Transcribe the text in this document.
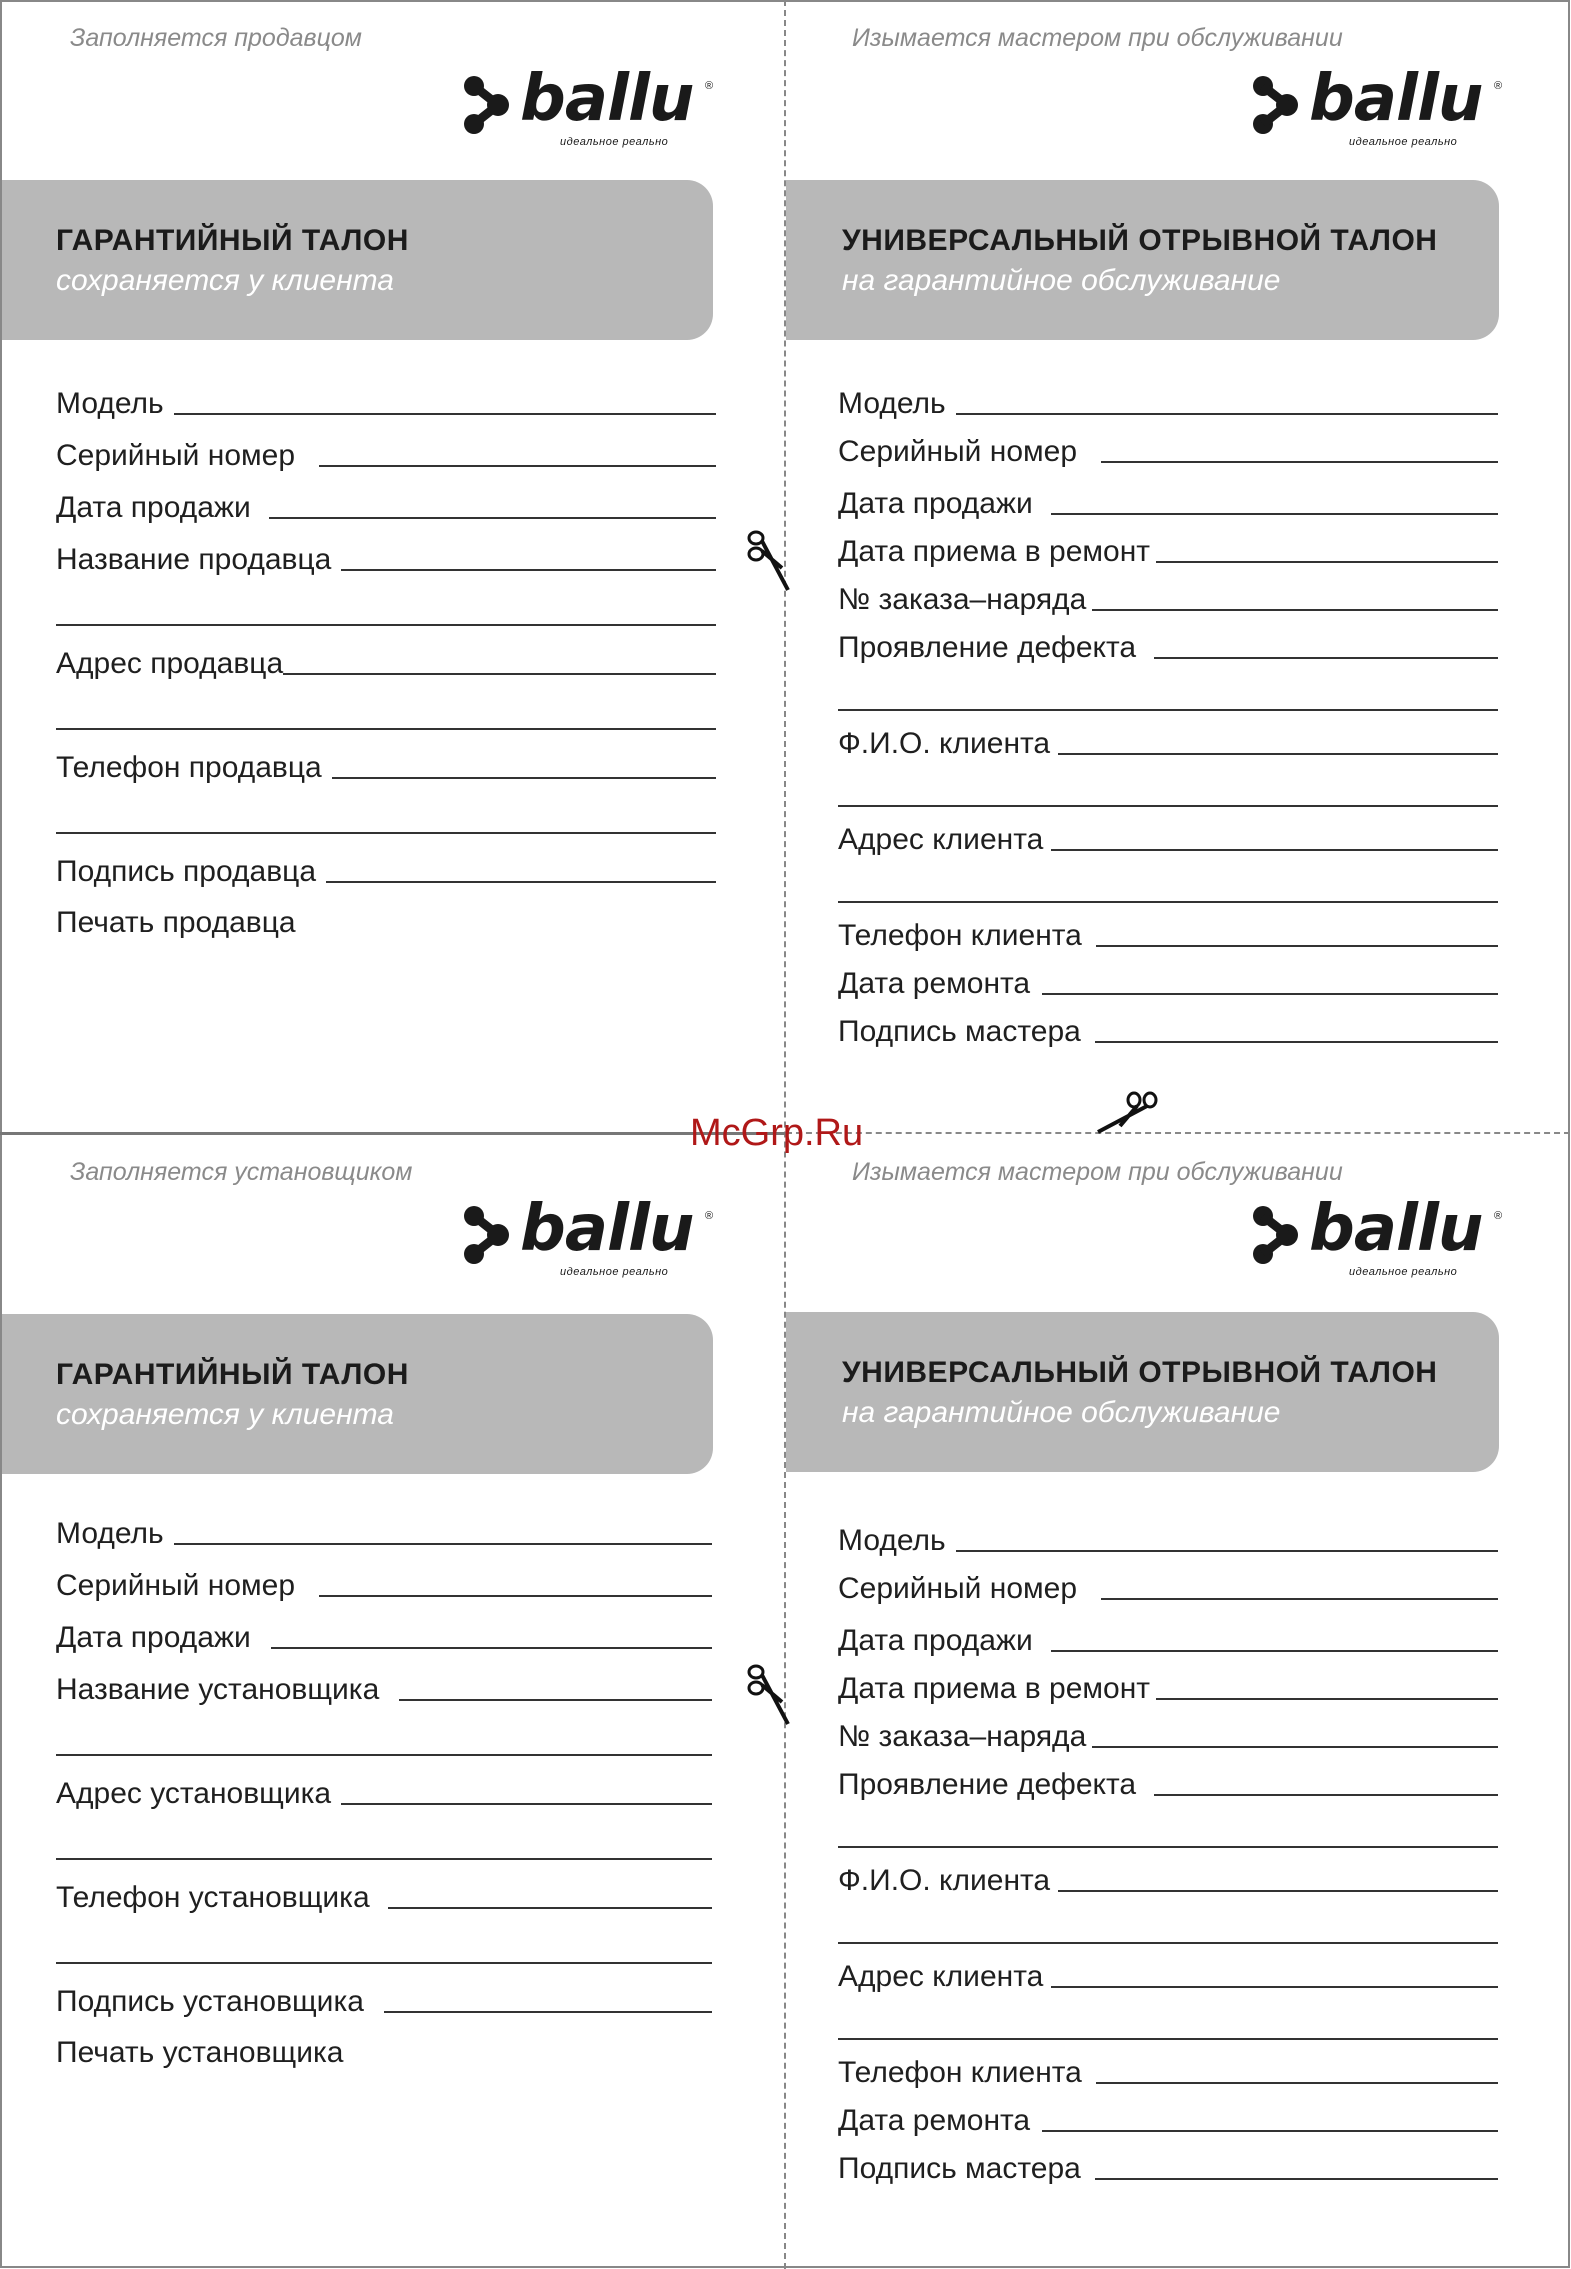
Заполняется продавцом
ballu ®
идеальное реально
ГАРАНТИЙНЫЙ ТАЛОН
сохраняется у клиента
Модель
Серийный номер
Дата продажи
Название продавца
Адрес продавца
Телефон продавца
Подпись продавца
Печать продавца
Изымается мастером при обслуживании
ballu ®
идеальное реально
УНИВЕРСАЛЬНЫЙ ОТРЫВНОЙ ТАЛОН
на гарантийное обслуживание
Модель
Серийный номер
Дата продажи
Дата приема в ремонт
№ заказа–наряда
Проявление дефекта
Ф.И.О. клиента
Адрес клиента
Телефон клиента
Дата ремонта
Подпись мастера
Заполняется установщиком
ballu ®
идеальное реально
ГАРАНТИЙНЫЙ ТАЛОН
сохраняется у клиента
Модель
Серийный номер
Дата продажи
Название установщика
Адрес установщика
Телефон установщика
Подпись установщика
Печать установщика
Изымается мастером при обслуживании
ballu ®
идеальное реально
УНИВЕРСАЛЬНЫЙ ОТРЫВНОЙ ТАЛОН
на гарантийное обслуживание
Модель
Серийный номер
Дата продажи
Дата приема в ремонт
№ заказа–наряда
Проявление дефекта
Ф.И.О. клиента
Адрес клиента
Телефон клиента
Дата ремонта
Подпись мастера
McGrp.Ru
